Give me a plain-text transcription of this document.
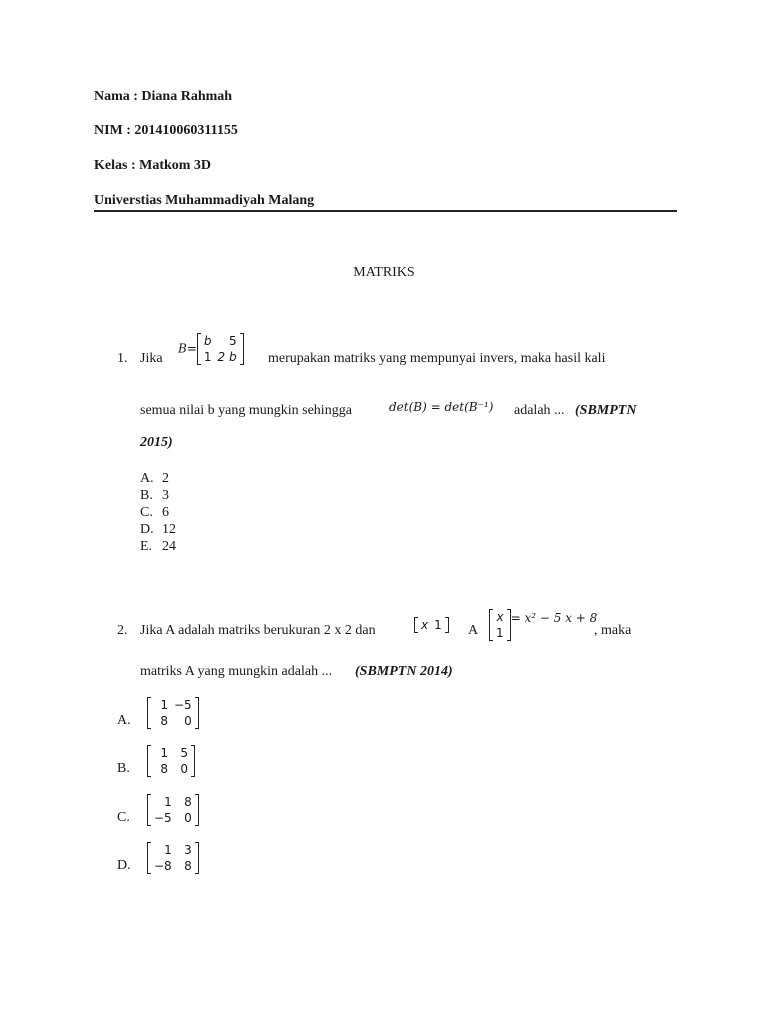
Nama : Diana Rahmah
NIM : 201410060311155
Kelas : Matkom 3D
Universtias Muhammadiyah Malang
MATRIKS
1. Jika
B=
b	5
1	2 b merupakan matriks yang mempunyai invers, maka hasil kali
semua nilai b yang mungkin sehingga	det(B) = det(B⁻¹) adalah ... (SBMPTN
2015)
A. 2
B. 3
C. 6
D. 12
E. 24
2. Jika A adalah matriks berukuran 2 x 2 dan	x	1 A
x
1
= x² − 5 x + 8
, maka
matriks A yang mungkin adalah ... (SBMPTN 2014)
A.
1	−5
8	0
B.
1	5
8	0
C.
1	8
−5	0
D.
1	3
−8	8
